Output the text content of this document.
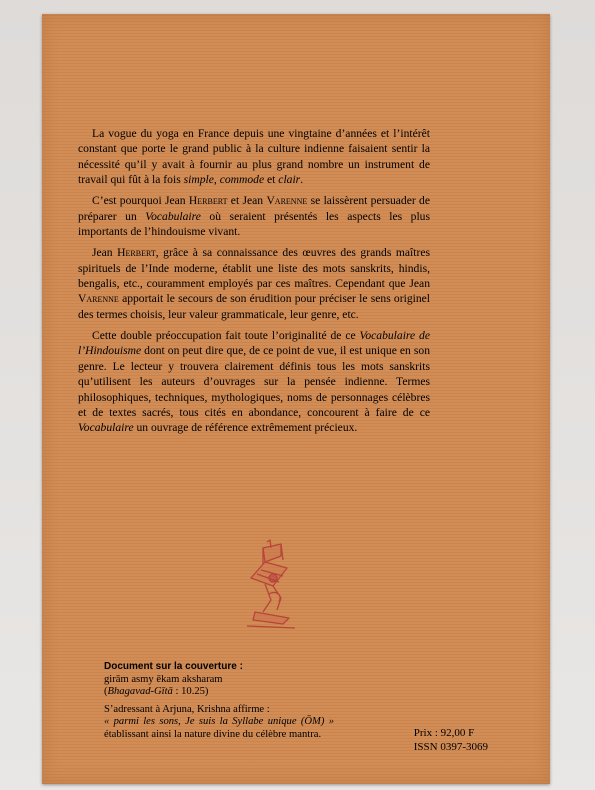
La vogue du yoga en France depuis une vingtaine d’années et l’intérêt constant que porte le grand public à la culture indienne faisaient sentir la nécessité qu’il y avait à fournir au plus grand nombre un instrument de travail qui fût à la fois simple, commode et clair.

C’est pourquoi Jean Herbert et Jean Varenne se laissèrent persuader de préparer un Vocabulaire où seraient présentés les aspects les plus importants de l’hindouisme vivant.

Jean Herbert, grâce à sa connaissance des œuvres des grands maîtres spirituels de l’Inde moderne, établit une liste des mots sanskrits, hindis, bengalis, etc., couramment employés par ces maîtres. Cependant que Jean Varenne apportait le secours de son érudition pour préciser le sens originel des termes choisis, leur valeur grammaticale, leur genre, etc.

Cette double préoccupation fait toute l’originalité de ce Vocabulaire de l’Hindouisme dont on peut dire que, de ce point de vue, il est unique en son genre. Le lecteur y trouvera clairement définis tous les mots sanskrits qu’utilisent les auteurs d’ouvrages sur la pensée indienne. Termes philosophiques, techniques, mythologiques, noms de personnages célèbres et de textes sacrés, tous cités en abondance, concourent à faire de ce Vocabulaire un ouvrage de référence extrêmement précieux.

Document sur la couverture :
girām asmy ēkam aksharam
(Bhagavad-Gītā : 10.25)
S’adressant à Arjuna, Krishna affirme :
« parmi les sons, Je suis la Syllabe unique (ŌM) » établissant ainsi la nature divine du célèbre mantra.	Prix : 92,00 F
ISSN 0397-3069
